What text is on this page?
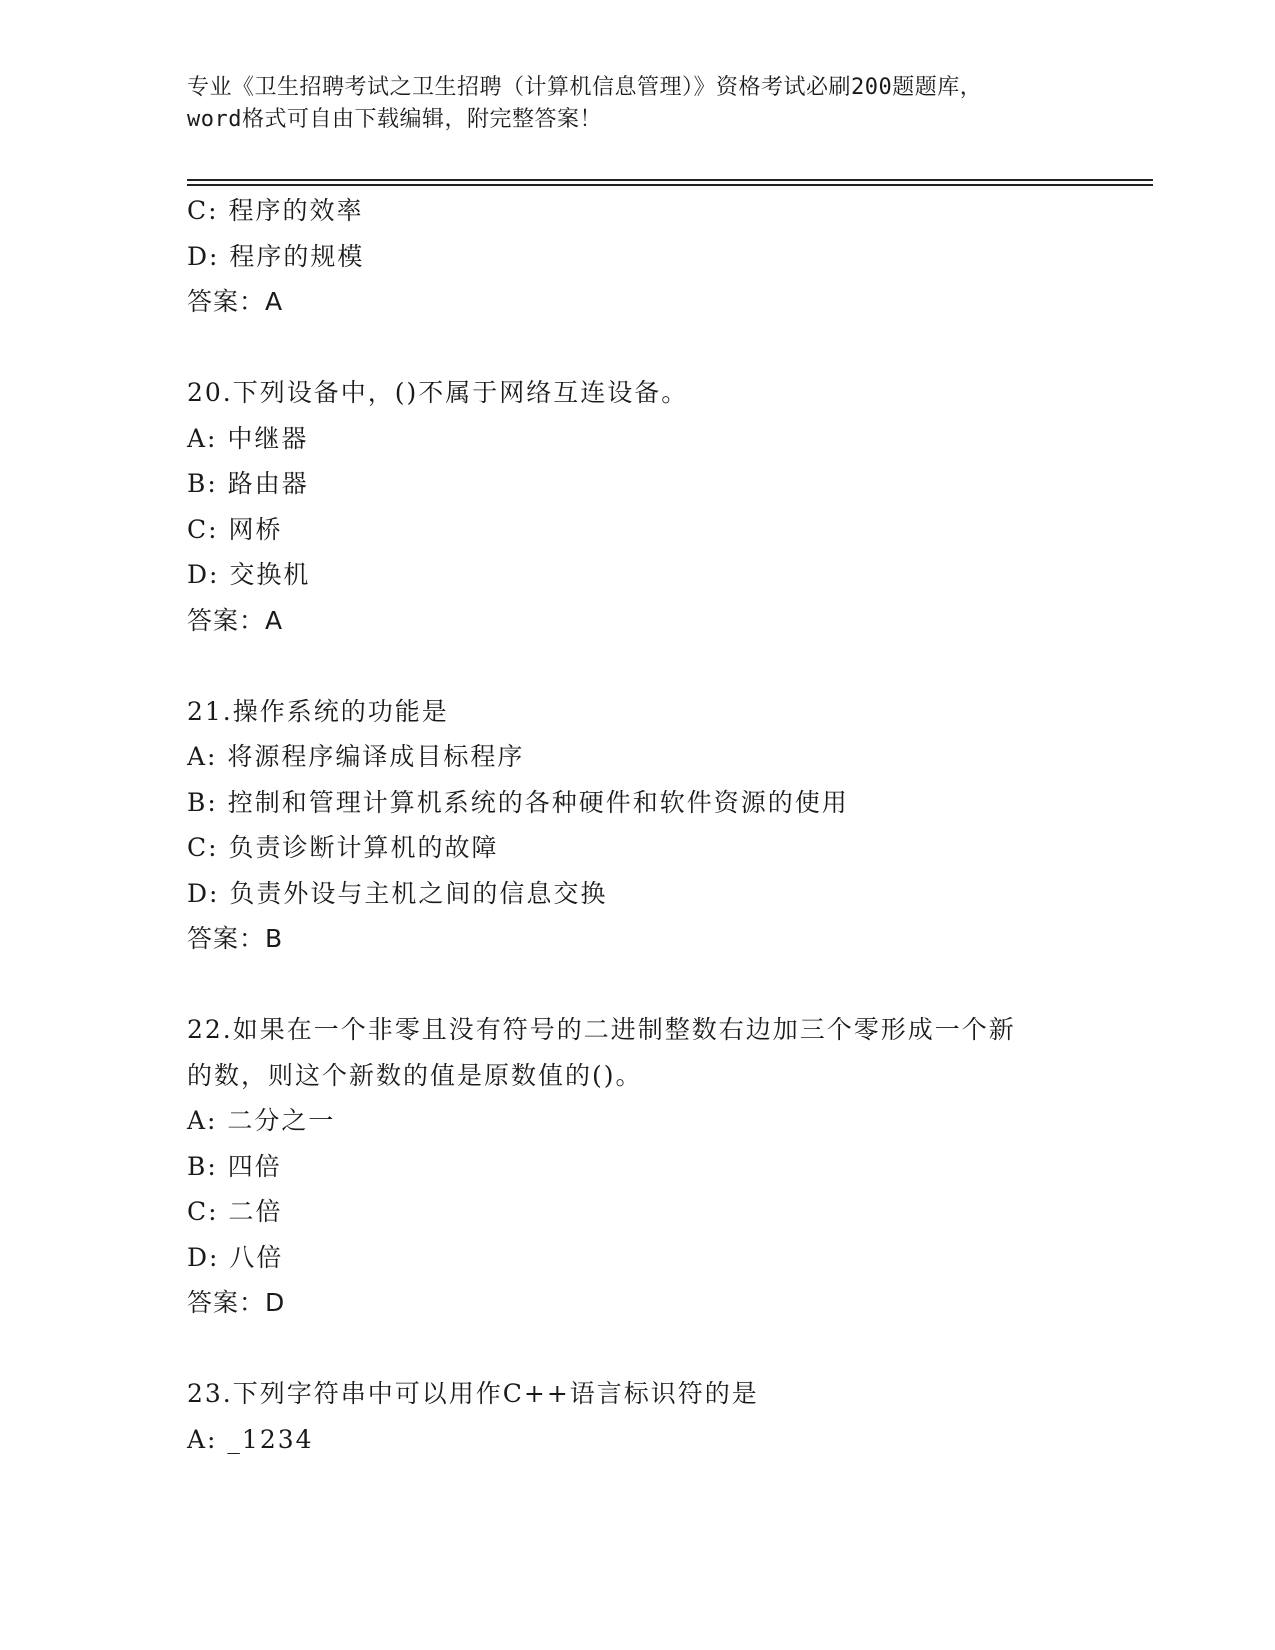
专业《卫生招聘考试之卫生招聘（计算机信息管理）》资格考试必刷200题题库，
word格式可自由下载编辑，附完整答案！
C: 程序的效率
D: 程序的规模
答案：A
20.下列设备中，()不属于网络互连设备。
A: 中继器
B: 路由器
C: 网桥
D: 交换机
答案：A
21.操作系统的功能是
A: 将源程序编译成目标程序
B: 控制和管理计算机系统的各种硬件和软件资源的使用
C: 负责诊断计算机的故障
D: 负责外设与主机之间的信息交换
答案：B
22.如果在一个非零且没有符号的二进制整数右边加三个零形成一个新
的数，则这个新数的值是原数值的()。
A: 二分之一
B: 四倍
C: 二倍
D: 八倍
答案：D
23.下列字符串中可以用作C++语言标识符的是
A: _1234
